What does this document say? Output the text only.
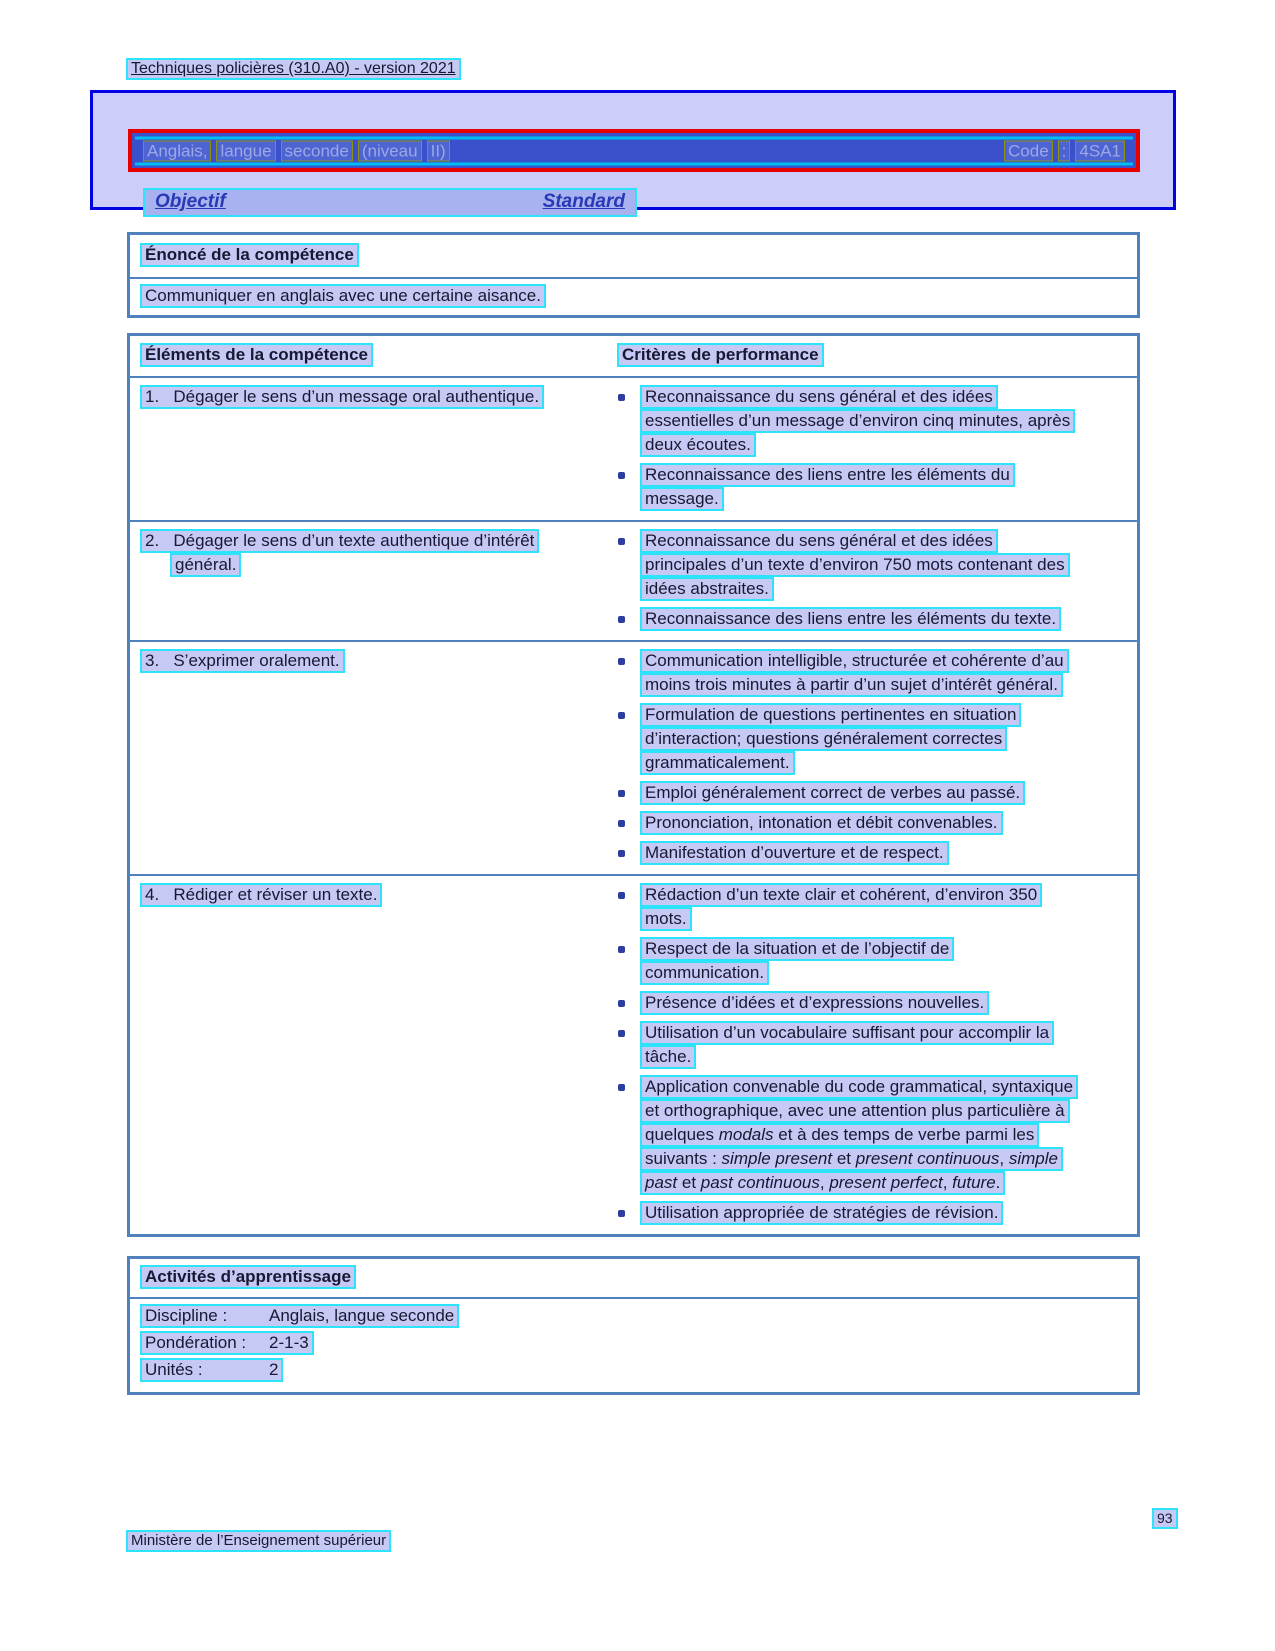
Techniques policières (310.A0) - version 2021
Anglais, langue seconde (niveau II)	Code : 4SA1
Objectif	Standard
Énoncé de la compétence
Communiquer en anglais avec une certaine aisance.
Éléments de la compétence	Critères de performance
1.   Dégager le sens d’un message oral authentique.	Reconnaissance du sens général et des idées essentielles d’un message d’environ cinq minutes, après deux écoutes.
Reconnaissance des liens entre les éléments du message.
2.   Dégager le sens d’un texte authentique d’intérêt général.
Reconnaissance du sens général et des idées principales d’un texte d’environ 750 mots contenant des idées abstraites.
Reconnaissance des liens entre les éléments du texte.
3.   S’exprimer oralement.	Communication intelligible, structurée et cohérente d’au moins trois minutes à partir d’un sujet d’intérêt général.
Formulation de questions pertinentes en situation d’interaction; questions généralement correctes grammaticalement.
Emploi généralement correct de verbes au passé.
Prononciation, intonation et débit convenables.
Manifestation d’ouverture et de respect.
4.   Rédiger et réviser un texte.	Rédaction d’un texte clair et cohérent, d’environ 350 mots.
Respect de la situation et de l’objectif de communication.
Présence d’idées et d’expressions nouvelles.
Utilisation d’un vocabulaire suffisant pour accomplir la tâche.
Application convenable du code grammatical, syntaxique et orthographique, avec une attention plus particulière à quelques modals et à des temps de verbe parmi les suivants : simple present et present continuous, simple past et past continuous, present perfect, future.
Utilisation appropriée de stratégies de révision.
Activités d’apprentissage
Discipline : Anglais, langue seconde
Pondération : 2-1-3
Unités :	2
93
Ministère de l’Enseignement supérieur
